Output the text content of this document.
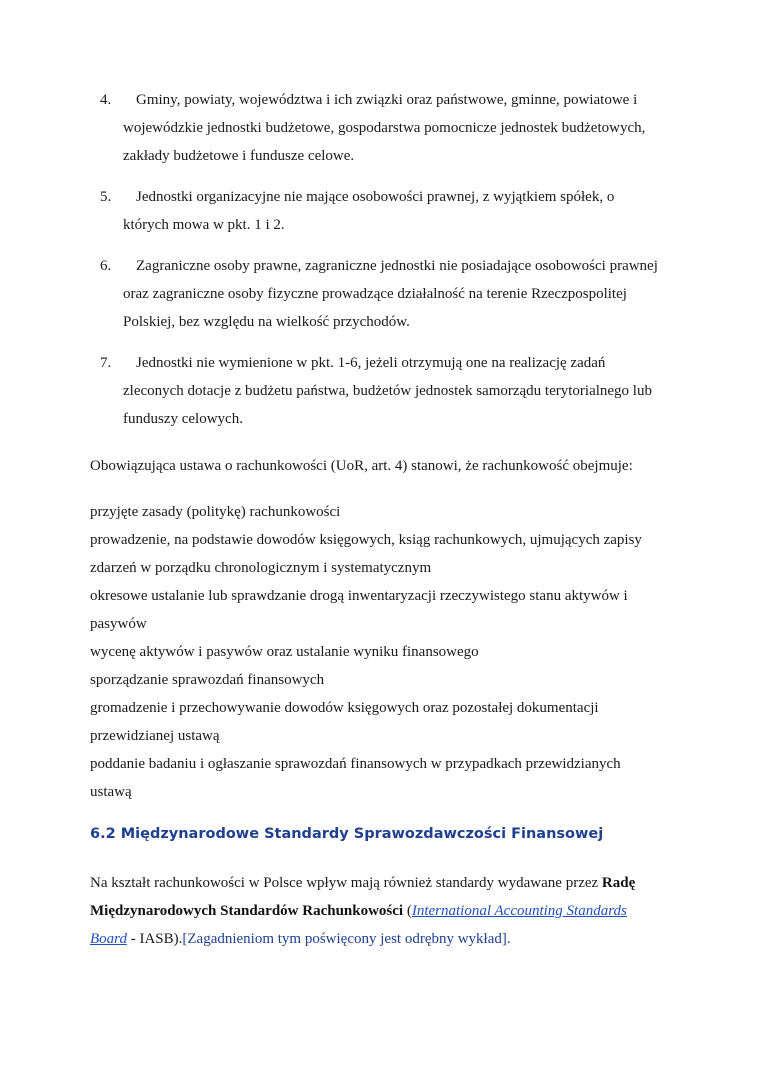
4. Gminy, powiaty, województwa i ich związki oraz państwowe, gminne, powiatowe i
wojewódzkie jednostki budżetowe, gospodarstwa pomocnicze jednostek budżetowych,
zakłady budżetowe i fundusze celowe.
5. Jednostki organizacyjne nie mające osobowości prawnej, z wyjątkiem spółek, o
których mowa w pkt. 1 i 2.
6. Zagraniczne osoby prawne, zagraniczne jednostki nie posiadające osobowości prawnej
oraz zagraniczne osoby fizyczne prowadzące działalność na terenie Rzeczpospolitej
Polskiej, bez względu na wielkość przychodów.
7. Jednostki nie wymienione w pkt. 1-6, jeżeli otrzymują one na realizację zadań
zleconych dotacje z budżetu państwa, budżetów jednostek samorządu terytorialnego lub
funduszy celowych.
Obowiązująca ustawa o rachunkowości (UoR, art. 4) stanowi, że rachunkowość obejmuje:
przyjęte zasady (politykę) rachunkowości
prowadzenie, na podstawie dowodów księgowych, ksiąg rachunkowych, ujmujących zapisy
zdarzeń w porządku chronologicznym i systematycznym
okresowe ustalanie lub sprawdzanie drogą inwentaryzacji rzeczywistego stanu aktywów i
pasywów
wycenę aktywów i pasywów oraz ustalanie wyniku finansowego
sporządzanie sprawozdań finansowych
gromadzenie i przechowywanie dowodów księgowych oraz pozostałej dokumentacji
przewidzianej ustawą
poddanie badaniu i ogłaszanie sprawozdań finansowych w przypadkach przewidzianych
ustawą
6.2 Międzynarodowe Standardy Sprawozdawczości Finansowej
Na kształt rachunkowości w Polsce wpływ mają również standardy wydawane przez Radę
Międzynarodowych Standardów Rachunkowości (International Accounting Standards
Board - IASB).[Zagadnieniom tym poświęcony jest odrębny wykład].
